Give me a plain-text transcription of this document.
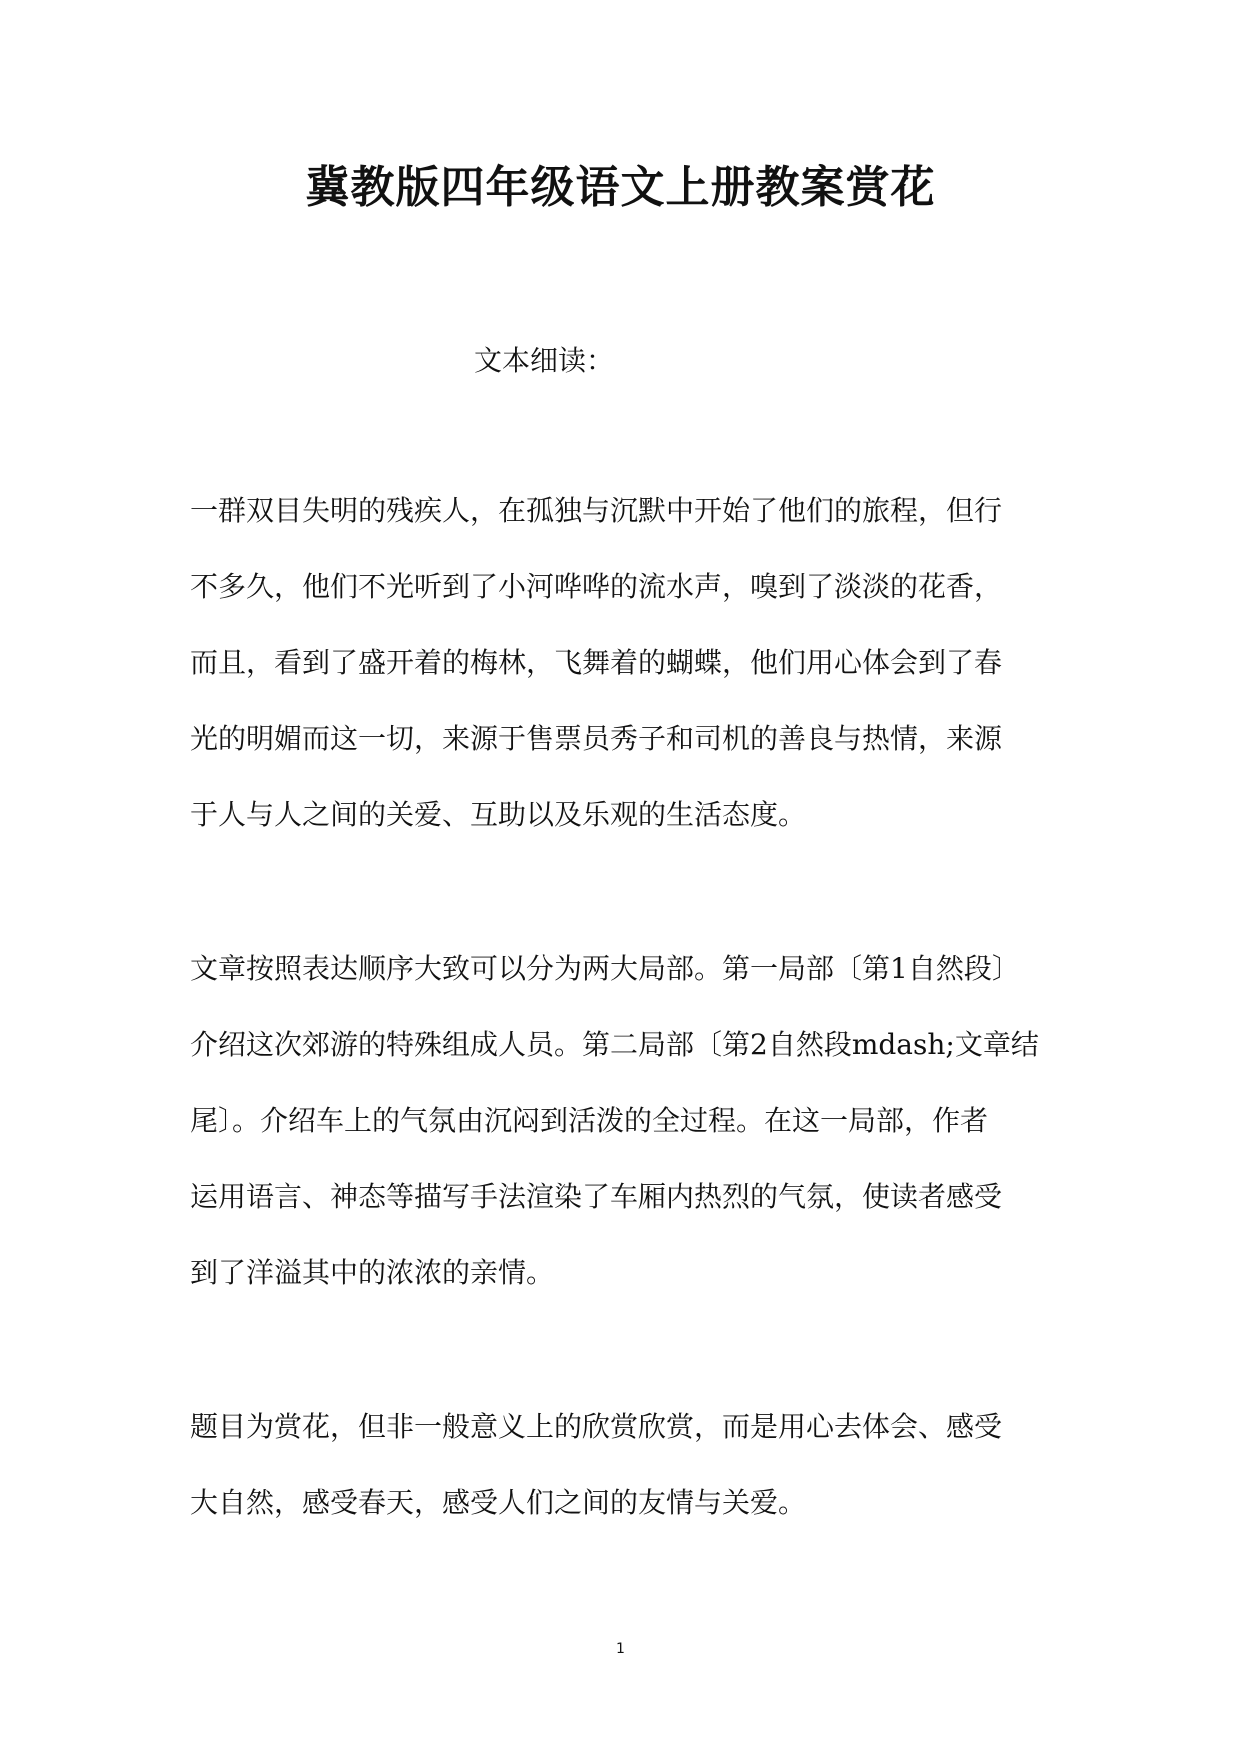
冀教版四年级语文上册教案赏花
文本细读：
一群双目失明的残疾人，在孤独与沉默中开始了他们的旅程，但行
不多久，他们不光听到了小河哗哗的流水声，嗅到了淡淡的花香，
而且，看到了盛开着的梅林，飞舞着的蝴蝶，他们用心体会到了春
光的明媚而这一切，来源于售票员秀子和司机的善良与热情，来源
于人与人之间的关爱、互助以及乐观的生活态度。
文章按照表达顺序大致可以分为两大局部。第一局部〔第1自然段〕
介绍这次郊游的特殊组成人员。第二局部〔第2自然段mdash;文章结
尾〕。介绍车上的气氛由沉闷到活泼的全过程。在这一局部，作者
运用语言、神态等描写手法渲染了车厢内热烈的气氛，使读者感受
到了洋溢其中的浓浓的亲情。
题目为赏花，但非一般意义上的欣赏欣赏，而是用心去体会、感受
大自然，感受春天，感受人们之间的友情与关爱。
1
